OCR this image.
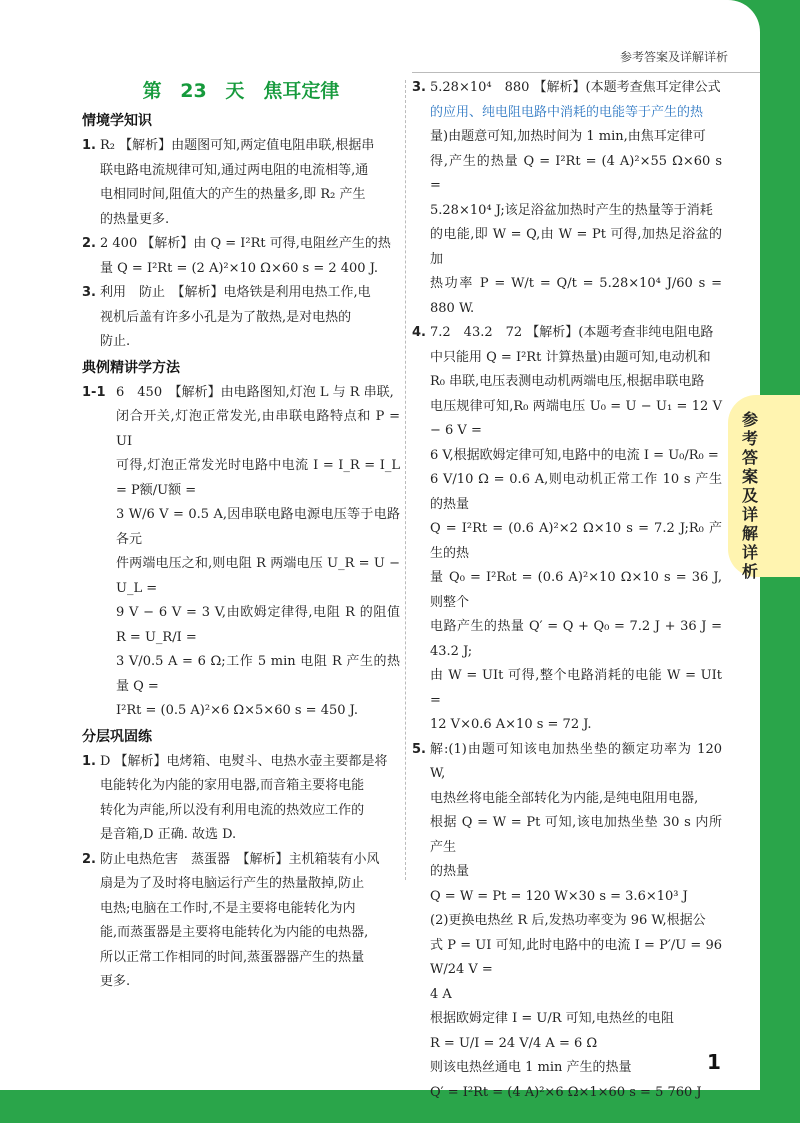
参考答案及详解详析
参考答案及详解详析
第 23 天　焦耳定律
情境学知识
1. R₂ 【解析】由题图可知,两定值电阻串联,根据串
联电路电流规律可知,通过两电阻的电流相等,通
电相同时间,阻值大的产生的热量多,即 R₂ 产生
的热量更多.
2. 2 400 【解析】由 Q = I²Rt 可得,电阻丝产生的热
量 Q = I²Rt = (2 A)²×10 Ω×60 s = 2 400 J.
3. 利用　防止　【解析】电烙铁是利用电热工作,电
视机后盖有许多小孔是为了散热,是对电热的
防止.
典例精讲学方法
1-1 6　450　【解析】由电路图知,灯泡 L 与 R 串联,
闭合开关,灯泡正常发光,由串联电路特点和 P = UI
可得,灯泡正常发光时电路中电流 I = I_R = I_L = P额/U额 =
3 W/6 V = 0.5 A,因串联电路电源电压等于电路各元
件两端电压之和,则电阻 R 两端电压 U_R = U − U_L =
9 V − 6 V = 3 V,由欧姆定律得,电阻 R 的阻值 R = U_R/I =
3 V/0.5 A = 6 Ω;工作 5 min 电阻 R 产生的热量 Q =
I²Rt = (0.5 A)²×6 Ω×5×60 s = 450 J.
分层巩固练
1. D 【解析】电烤箱、电熨斗、电热水壶主要都是将
电能转化为内能的家用电器,而音箱主要将电能
转化为声能,所以没有利用电流的热效应工作的
是音箱,D 正确. 故选 D.
2. 防止电热危害　蒸蛋器　【解析】主机箱装有小风
扇是为了及时将电脑运行产生的热量散掉,防止
电热;电脑在工作时,不是主要将电能转化为内
能,而蒸蛋器是主要将电能转化为内能的电热器,
所以正常工作相同的时间,蒸蛋器器产生的热量
更多.
3. 5.28×10⁴　880 【解析】(本题考查焦耳定律公式
的应用、纯电阻电路中消耗的电能等于产生的热
量)由题意可知,加热时间为 1 min,由焦耳定律可
得,产生的热量 Q = I²Rt = (4 A)²×55 Ω×60 s =
5.28×10⁴ J;该足浴盆加热时产生的热量等于消耗
的电能,即 W = Q,由 W = Pt 可得,加热足浴盆的加
热功率 P = W/t = Q/t = 5.28×10⁴ J/60 s = 880 W.
4. 7.2　43.2　72 【解析】(本题考查非纯电阻电路
中只能用 Q = I²Rt 计算热量)由题可知,电动机和
R₀ 串联,电压表测电动机两端电压,根据串联电路
电压规律可知,R₀ 两端电压 U₀ = U − U₁ = 12 V − 6 V =
6 V,根据欧姆定律可知,电路中的电流 I = U₀/R₀ =
6 V/10 Ω = 0.6 A,则电动机正常工作 10 s 产生的热量
Q = I²Rt = (0.6 A)²×2 Ω×10 s = 7.2 J;R₀ 产生的热
量 Q₀ = I²R₀t = (0.6 A)²×10 Ω×10 s = 36 J,则整个
电路产生的热量 Q′ = Q + Q₀ = 7.2 J + 36 J = 43.2 J;
由 W = UIt 可得,整个电路消耗的电能 W = UIt =
12 V×0.6 A×10 s = 72 J.
5. 解:(1)由题可知该电加热坐垫的额定功率为 120 W,
电热丝将电能全部转化为内能,是纯电阻用电器,
根据 Q = W = Pt 可知,该电加热坐垫 30 s 内所产生
的热量
Q = W = Pt = 120 W×30 s = 3.6×10³ J
(2)更换电热丝 R 后,发热功率变为 96 W,根据公
式 P = UI 可知,此时电路中的电流 I = P′/U = 96 W/24 V =
4 A
根据欧姆定律 I = U/R 可知,电热丝的电阻
R = U/I = 24 V/4 A = 6 Ω
则该电热丝通电 1 min 产生的热量
Q′ = I²Rt = (4 A)²×6 Ω×1×60 s = 5 760 J
1
